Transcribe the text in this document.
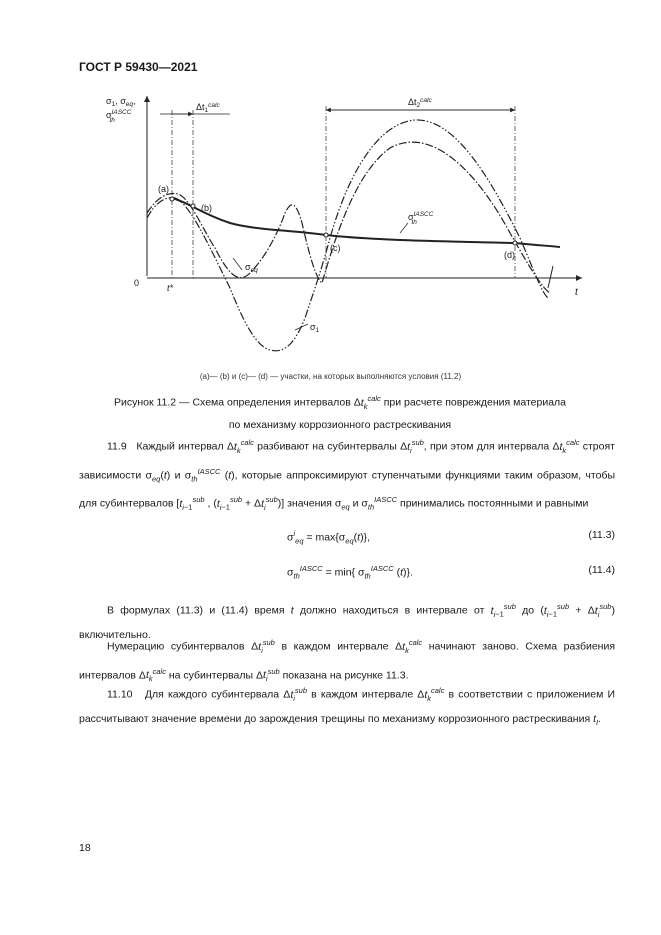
ГОСТ Р 59430—2021
$\sigma_1$, $\sigma_{eq}$,
$\sigma^{IASCC}$ th
0
t
t*
$\Delta t_1^{calc}$	$\Delta t_2^{calc}$
(a)
(b)
(c)
(d)
$\sigma_{eq}$
$\sigma_1$
$\sigma^{IASCC}$ th
(a)— (b) и (c)— (d) — участки, на которых выполняются условия (11.2)
Рисунок 11.2 — Схема определения интервалов $\Delta t_k^{calc}$ при расчете повреждения материала
по механизму коррозионного растрескивания
11.9   Каждый интервал $\Delta t_k^{calc}$ разбивают на субинтервалы $\Delta t_i^{sub}$, при этом для интервала $\Delta t_k^{calc}$ строят зависимости $\sigma_{eq}(t)$ и $\sigma_{th}^{IASCC}$ (t), которые аппроксимируют ступенчатыми функциями таким образом, чтобы для субинтервалов [$t_{i-1}^{sub}$ , $(t_{i-1}^{sub} + \Delta t_i^{sub})$] значения $\sigma_{eq}$ и $\sigma_{th}^{IASCC}$ принимались постоянными и равными
$\sigma^i_{eq} = \max\{\sigma_{eq}(t)\}$,	(11.3)
$\sigma_{th}^{IASCC} = \min${ $\sigma_{th}^{IASCC}$ (t)}.	(11.4)
В формулах (11.3) и (11.4) время t должно находиться в интервале от $t_{i-1}^{sub}$ до $(t_{i-1}^{sub} + \Delta t_i^{sub})$ включительно.
Нумерацию субинтервалов $\Delta t_i^{sub}$ в каждом интервале $\Delta t_k^{calc}$ начинают заново. Схема разбиения интервалов $\Delta t_k^{calc}$ на субинтервалы $\Delta t_i^{sub}$ показана на рисунке 11.3.
11.10   Для каждого субинтервала $\Delta t_i^{sub}$ в каждом интервале $\Delta t_k^{calc}$ в соответствии с приложением И рассчитывают значение времени до зарождения трещины по механизму коррозионного растрескивания $t_I$.
18
